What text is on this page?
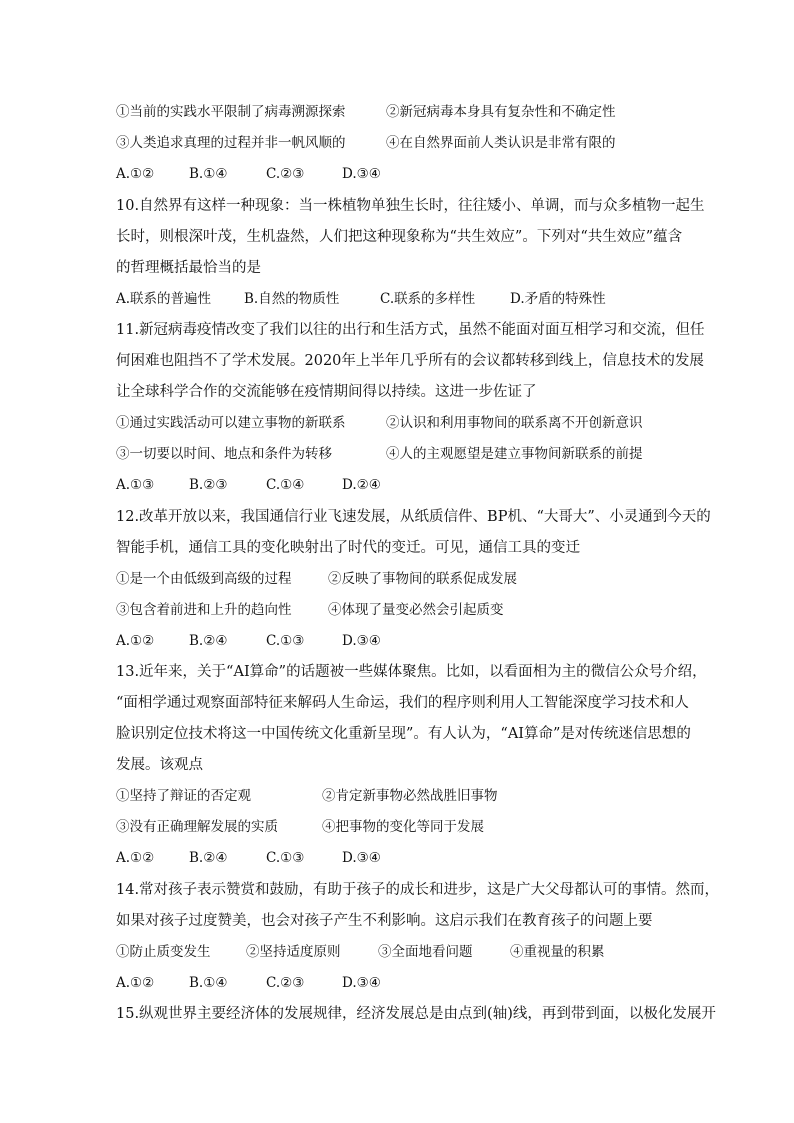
①当前的实践水平限制了病毒溯源探索	②新冠病毒本身具有复杂性和不确定性
③人类追求真理的过程并非一帆风顺的	④在自然界面前人类认识是非常有限的
A.①②	B.①④	C.②③	D.③④
10.自然界有这样一种现象：当一株植物单独生长时，往往矮小、单调，而与众多植物一起生
长时，则根深叶茂，生机盎然，人们把这种现象称为“共生效应”。下列对“共生效应”蕴含
的哲理概括最恰当的是
A.联系的普遍性 B.自然的物质性	C.联系的多样性	D.矛盾的特殊性
11.新冠病毒疫情改变了我们以往的出行和生活方式，虽然不能面对面互相学习和交流，但任
何困难也阻挡不了学术发展。2020年上半年几乎所有的会议都转移到线上，信息技术的发展
让全球科学合作的交流能够在疫情期间得以持续。这进一步佐证了
①通过实践活动可以建立事物的新联系	②认识和利用事物间的联系离不开创新意识
③一切要以时间、地点和条件为转移	④人的主观愿望是建立事物间新联系的前提
A.①③	B.②③	C.①④	D.②④
12.改革开放以来，我国通信行业飞速发展，从纸质信件、BP机、“大哥大”、小灵通到今天的
智能手机，通信工具的变化映射出了时代的变迁。可见，通信工具的变迁
①是一个由低级到高级的过程	②反映了事物间的联系促成发展
③包含着前进和上升的趋向性	④体现了量变必然会引起质变
A.①②	B.②④	C.①③	D.③④
13.近年来，关于“AI算命”的话题被一些媒体聚焦。比如，以看面相为主的微信公众号介绍，
“面相学通过观察面部特征来解码人生命运，我们的程序则利用人工智能深度学习技术和人
脸识别定位技术将这一中国传统文化重新呈现”。有人认为，“AI算命”是对传统迷信思想的
发展。该观点
①坚持了辩证的否定观	②肯定新事物必然战胜旧事物
③没有正确理解发展的实质	④把事物的变化等同于发展
A.①②	B.②④	C.①③	D.③④
14.常对孩子表示赞赏和鼓励，有助于孩子的成长和进步，这是广大父母都认可的事情。然而，
如果对孩子过度赞美，也会对孩子产生不利影响。这启示我们在教育孩子的问题上要
①防止质变发生	②坚持适度原则	③全面地看问题	④重视量的积累
A.①②	B.①④	C.②③	D.③④
15.纵观世界主要经济体的发展规律，经济发展总是由点到(轴)线，再到带到面，以极化发展开
